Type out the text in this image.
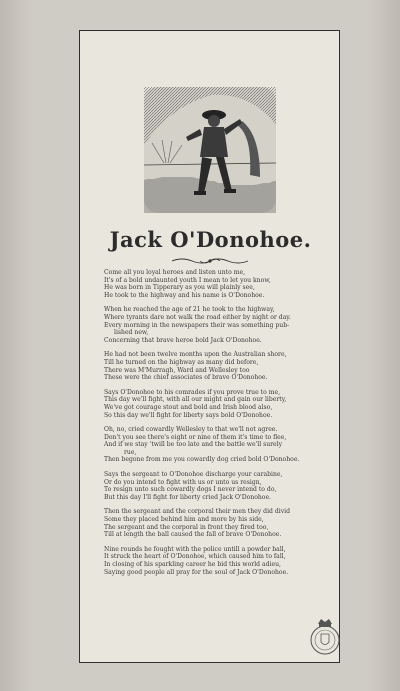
Jack O'Donohoe.
Come all you loyal heroes and listen unto me,
It's of a bold undaunted youth I mean to let you know,
He was born in Tipperary as you will plainly see,
He took to the highway and his name is O'Donohoe.
When he reached the age of 21 he took to the highway,
Where tyrants dare not walk the road either by night or day.
Every morning in the newspapers their was something pub-
lished new,
Concerning that brave heroe bold Jack O'Donohoe.
He had not been twelve months upon the Australian shore,
Till he turned on the highway as many did before,
There was M'Murragh, Ward and Wellesley too
These were the chief associates of brave O'Donohoe.
Says O'Donohoe to his comrades if you prove true to me,
This day we'll fight, with all our might and gain our liberty,
We've got courage stout and bold and Irish blood also,
So this day we'll fight for liberty says bold O'Donohoe.
Oh, no, cried cowardly Wellesley to that we'll not agree.
Don't you see there's eight or nine of them it's time to flee,
And if we stay 'twill be too late and the battle we'll surely
rue,
Then begone from me you cowardly dog cried bold O'Donohoe.
Says the sergeant to O'Donohoe discharge your carabine,
Or do you intend to fight with us or unto us resign,
To resign unto such cowardly dogs I never intend to do,
But this day I'll fight for liberty cried Jack O'Donohoe.
Then the sergeant and the corporal their men they did divid
Some they placed behind him and more by his side,
The sergeant and the corporal in front they fired too,
Till at length the ball caused the fall of brave O'Donohoe.
Nine rounds he fought with the police untill a powder ball,
It struck the heart of O'Donohoe, which caused him to fall,
In closing of his sparkling career he bid this world adieu,
Saying good people all pray for the soul of Jack O'Donohoe.
